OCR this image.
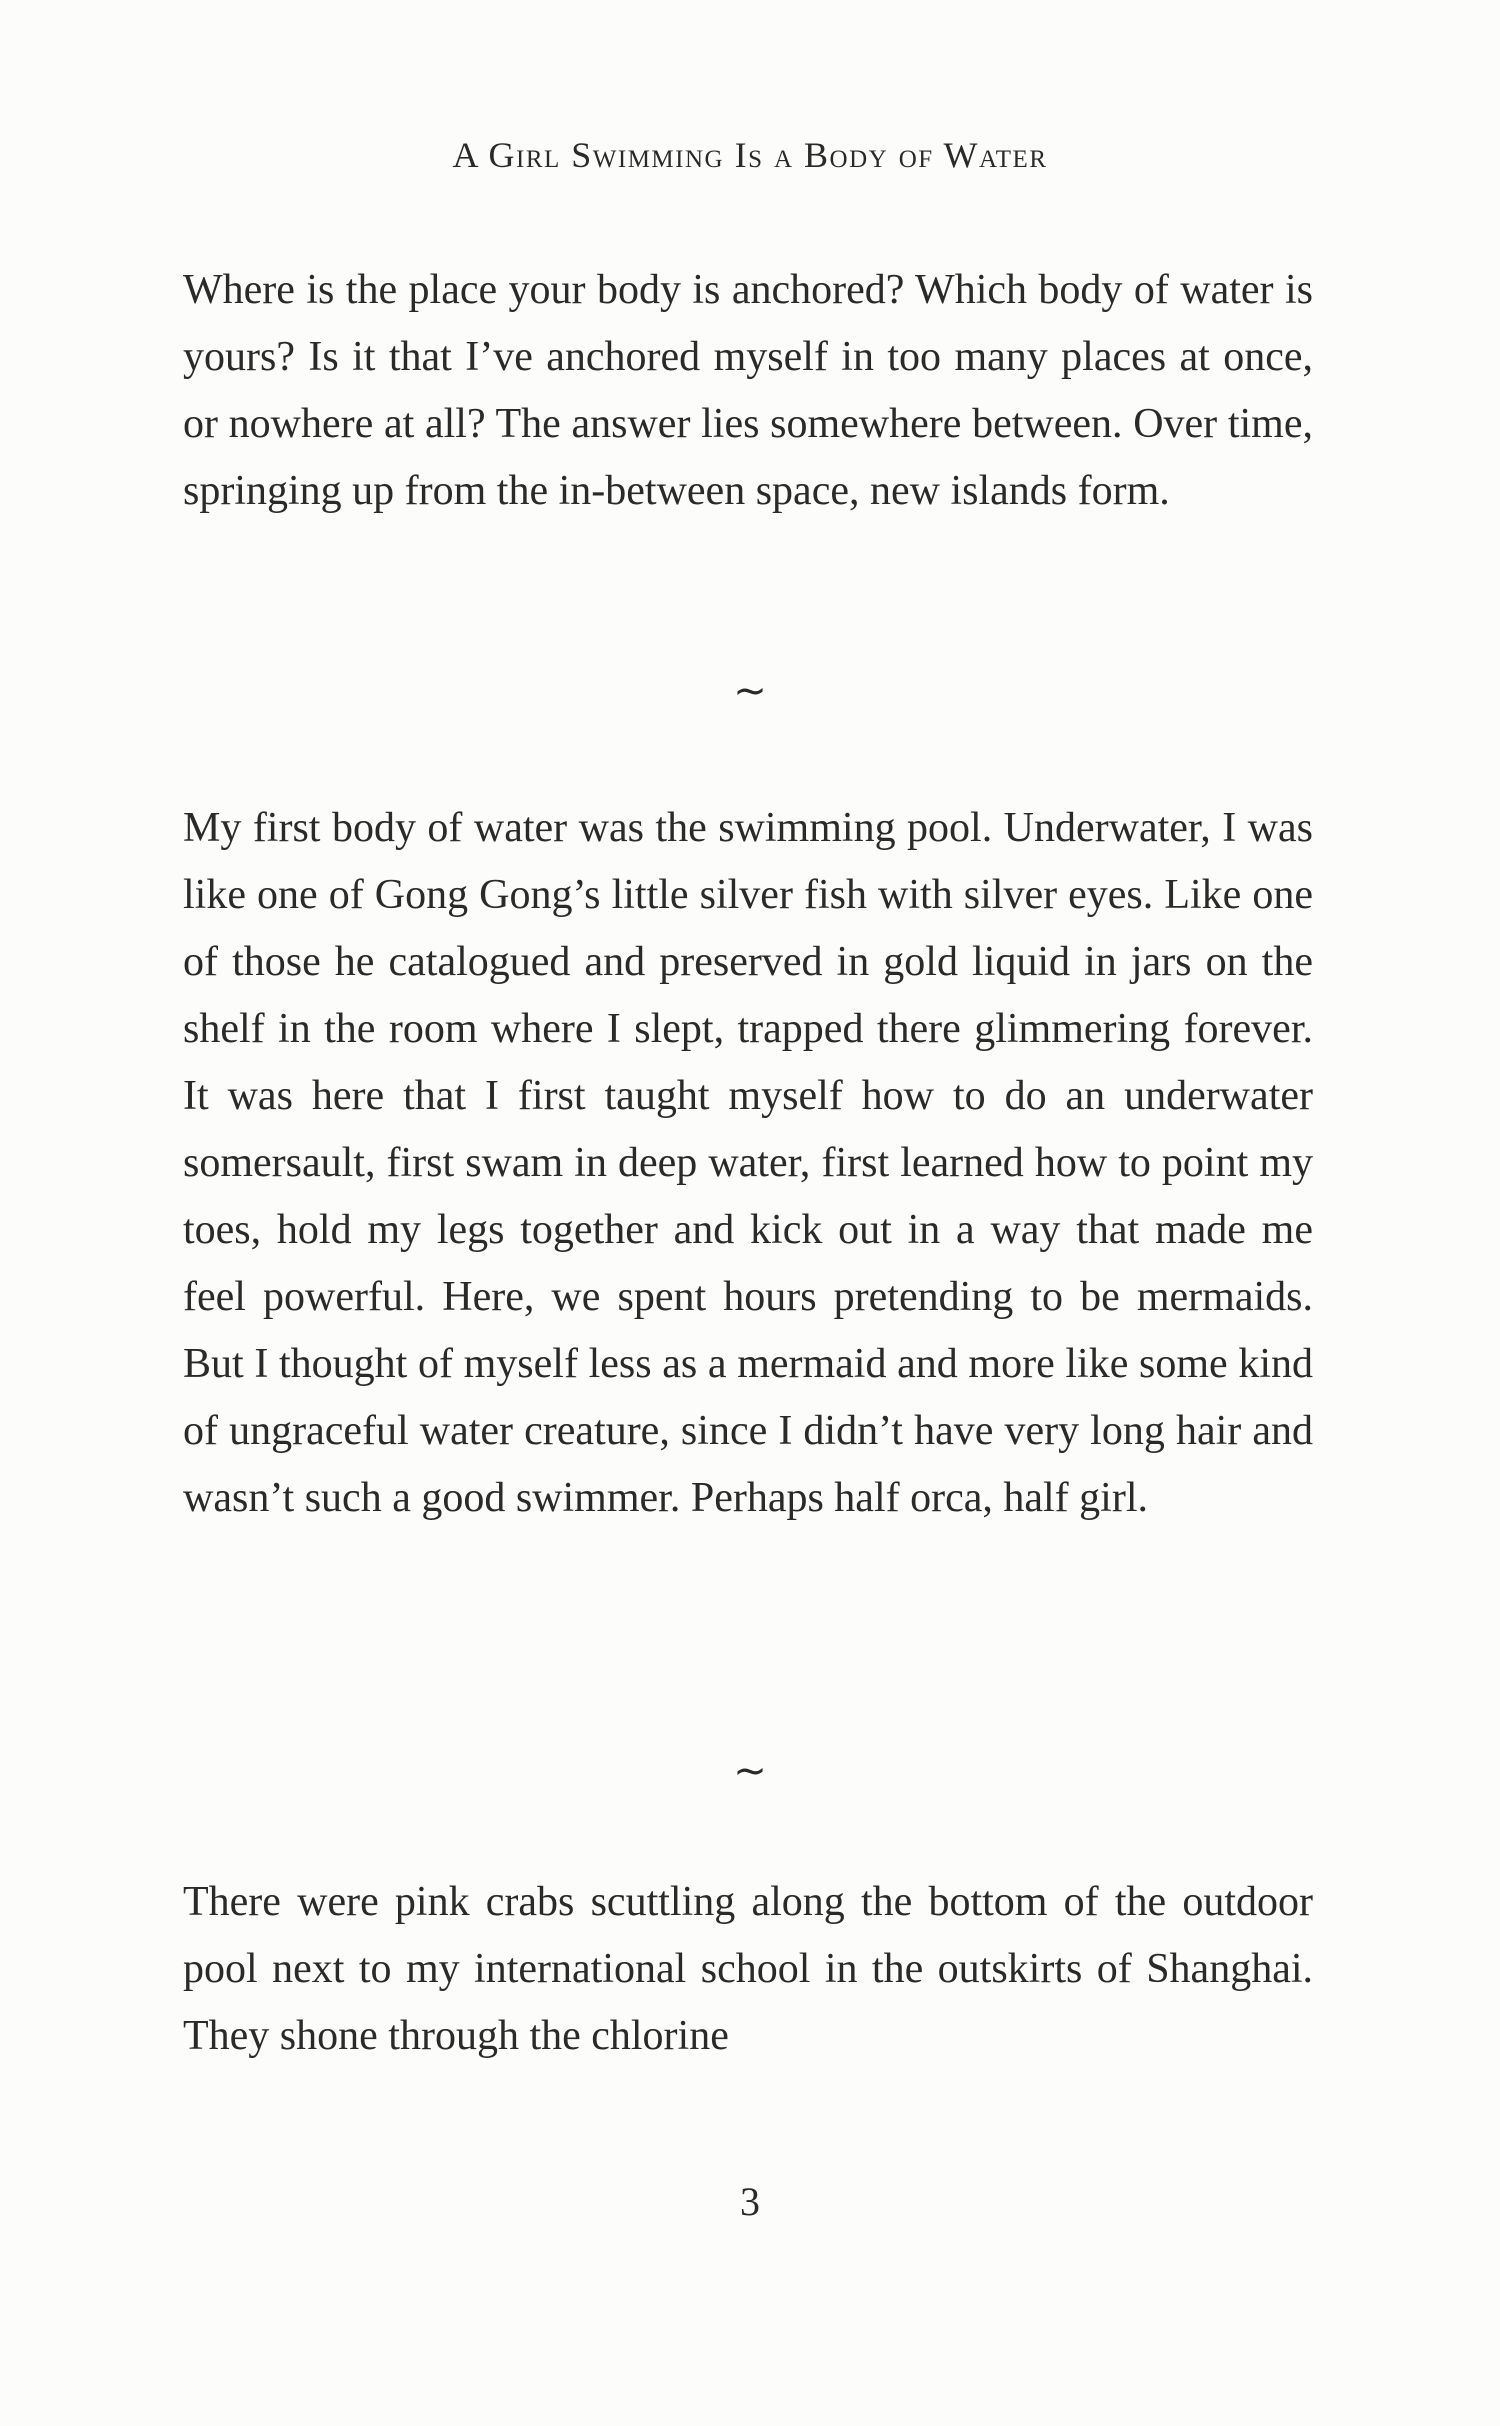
A Girl Swimming Is a Body of Water

Where is the place your body is anchored? Which body of water is yours? Is it that I’ve anchored myself in too many places at once, or nowhere at all? The answer lies somewhere between. Over time, springing up from the in-between space, new islands form.

~

My first body of water was the swimming pool. Underwater, I was like one of Gong Gong’s little silver fish with silver eyes. Like one of those he catalogued and preserved in gold liquid in jars on the shelf in the room where I slept, trapped there glimmering forever. It was here that I first taught myself how to do an underwater somersault, first swam in deep water, first learned how to point my toes, hold my legs together and kick out in a way that made me feel powerful. Here, we spent hours pretending to be mermaids. But I thought of myself less as a mermaid and more like some kind of ungraceful water creature, since I didn’t have very long hair and wasn’t such a good swimmer. Perhaps half orca, half girl.

~

There were pink crabs scuttling along the bottom of the outdoor pool next to my international school in the outskirts of Shanghai. They shone through the chlorine

3
